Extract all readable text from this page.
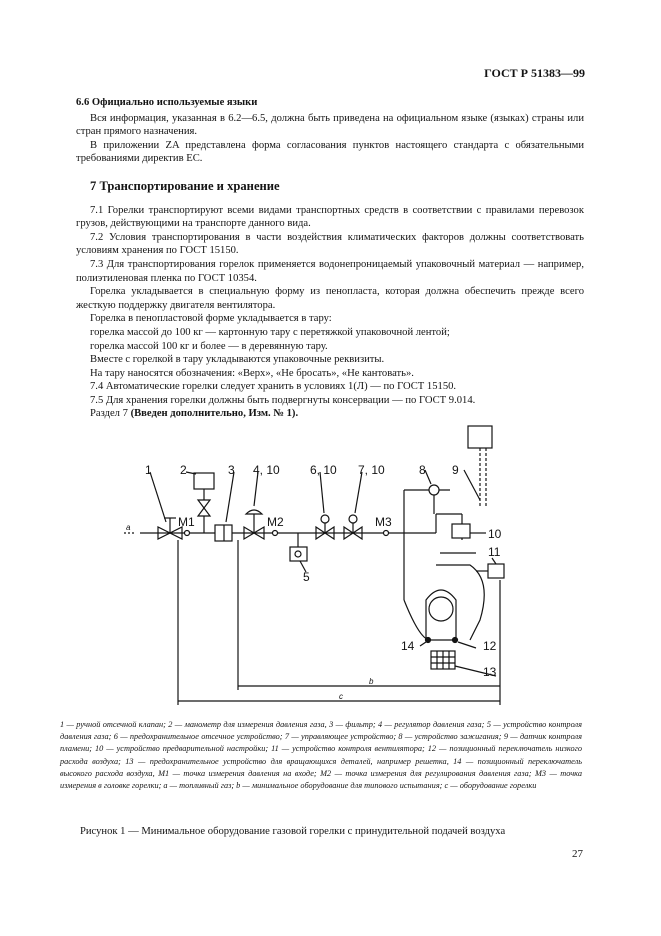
ГОСТ Р 51383—99

6.6 Официально используемые языки

Вся информация, указанная в 6.2—6.5, должна быть приведена на официальном языке (языках) страны или стран прямого назначения.

В приложении ZA представлена форма согласования пунктов настоящего стандарта с обязательными требованиями директив ЕС.

7 Транспортирование и хранение

7.1 Горелки транспортируют всеми видами транспортных средств в соответствии с правилами перевозок грузов, действующими на транспорте данного вида.

7.2 Условия транспортирования в части воздействия климатических факторов должны соответствовать условиям хранения по ГОСТ 15150.

7.3 Для транспортирования горелок применяется водонепроницаемый упаковочный материал — например, полиэтиленовая пленка по ГОСТ 10354.

Горелка укладывается в специальную форму из пенопласта, которая должна обеспечить прежде всего жесткую поддержку двигателя вентилятора.

Горелка в пенопластовой форме укладывается в тару:

горелка массой до 100 кг — картонную тару с перетяжкой упаковочной лентой;

горелка массой 100 кг и более — в деревянную тару.

Вместе с горелкой в тару укладываются упаковочные реквизиты.

На тару наносятся обозначения: «Верх», «Не бросать», «Не кантовать».

7.4 Автоматические горелки следует хранить в условиях 1(Л) — по ГОСТ 15150.

7.5 Для хранения горелки должны быть подвергнуты консервации — по ГОСТ 9.014.

Раздел 7 (Введен дополнительно, Изм. № 1).

1 2	3 4, 10	6, 10 7, 10	8 9
10
11
12
13
14
5
M1	M2	M3
a
b
c
1 — ручной отсечной клапан; 2 — манометр для измерения давления газа, 3 — фильтр; 4 — регулятор давления газа; 5 — устройство контроля давления газа; 6 — предохранительное отсечное устройство; 7 — управляющее устройство; 8 — устройство зажигания; 9 — датчик контроля пламени; 10 — устройство предварительной настройки; 11 — устройство контроля вентилятора; 12 — позиционный переключатель низкого расхода воздуха; 13 — предохранительное устройство для вращающихся деталей, например решетка, 14 — позиционный переключатель высокого расхода воздуха, M1 — точка измерения давления на входе; M2 — точка измерения для регулирования давления газа; M3 — точка измерения в головке горелки; a — топливный газ; b — минимальное оборудование для типового испытания; c — оборудование горелки
Рисунок 1 — Минимальное оборудование газовой горелки с принудительной подачей воздуха
27
